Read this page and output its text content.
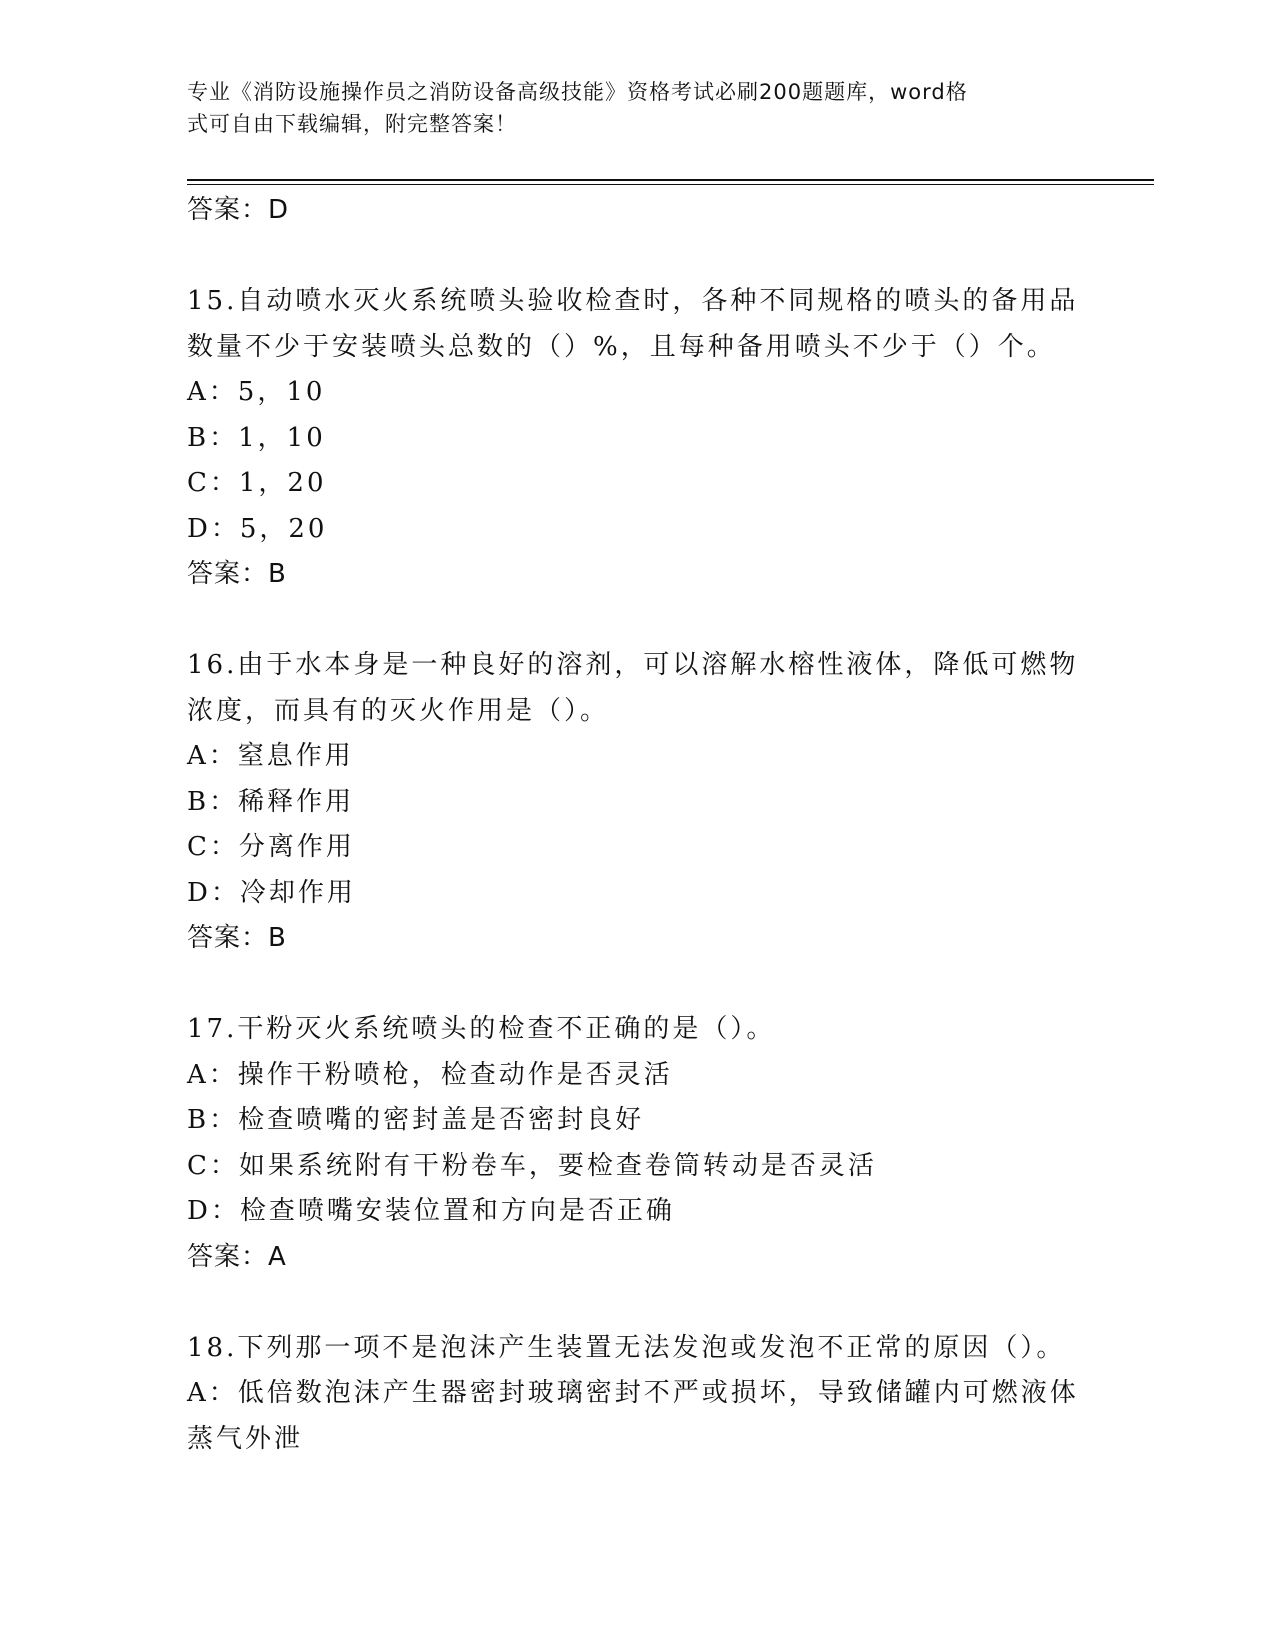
专业《消防设施操作员之消防设备高级技能》资格考试必刷200题题库，word格
式可自由下载编辑，附完整答案！
答案：D
15.自动喷水灭火系统喷头验收检查时，各种不同规格的喷头的备用品
数量不少于安装喷头总数的（）%，且每种备用喷头不少于（）个。
A：5，10
B：1，10
C：1，20
D：5，20
答案：B
16.由于水本身是一种良好的溶剂，可以溶解水榕性液体，降低可燃物
浓度，而具有的灭火作用是（）。
A：窒息作用
B：稀释作用
C：分离作用
D：冷却作用
答案：B
17.干粉灭火系统喷头的检查不正确的是（）。
A：操作干粉喷枪，检查动作是否灵活
B：检查喷嘴的密封盖是否密封良好
C：如果系统附有干粉卷车，要检查卷筒转动是否灵活
D：检查喷嘴安装位置和方向是否正确
答案：A
18.下列那一项不是泡沫产生装置无法发泡或发泡不正常的原因（）。
A：低倍数泡沫产生器密封玻璃密封不严或损坏，导致储罐内可燃液体
蒸气外泄
